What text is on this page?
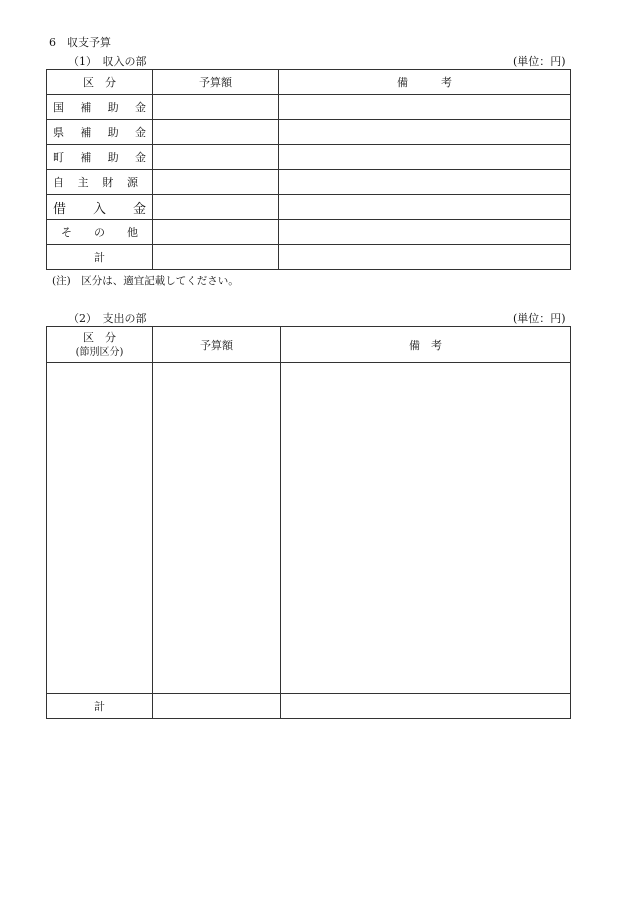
6　収支予算
（1）　収入の部	(単位：円)
区　分	予算額	備　　　考

国 補 助 金		

県 補 助 金		

町 補 助 金		

自 主 財 源		

借 入 金		

そ の 他		

計		
(注)　区分は、適宜記載してください。
（2）　支出の部	(単位：円)
区　分
(節別区分)	予算額	備　考

計		
